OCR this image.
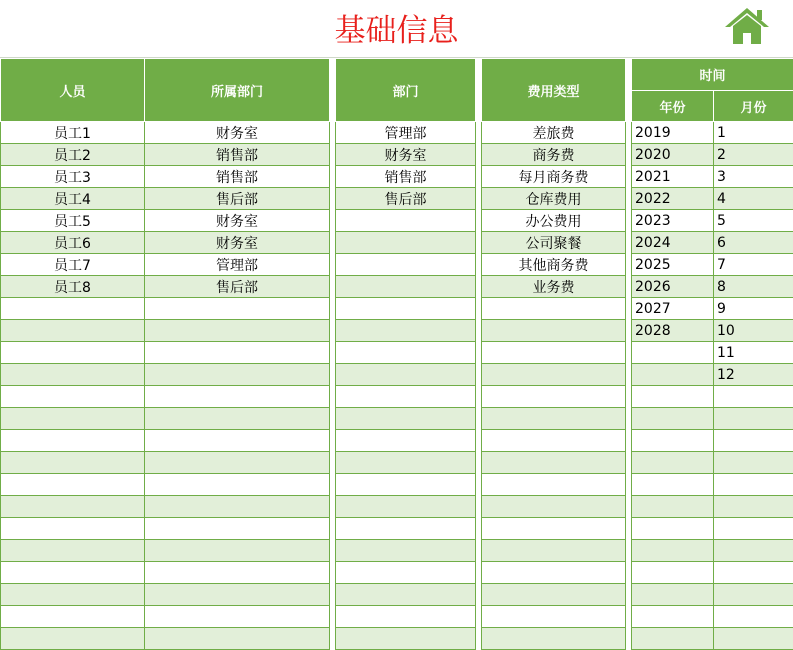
基础信息
人员	所属部门
员工1	财务室
员工2	销售部
员工3	销售部
员工4	售后部
员工5	财务室
员工6	财务室
员工7	管理部
员工8	售后部

部门
管理部
财务室
销售部
售后部

费用类型
差旅费
商务费
每月商务费
仓库费用
办公费用
公司聚餐
其他商务费
业务费

时间	
年份	月份
2019	1
2020	2
2021	3
2022	4
2023	5
2024	6
2025	7
2026	8
2027	9
2028	10
	11
	12
